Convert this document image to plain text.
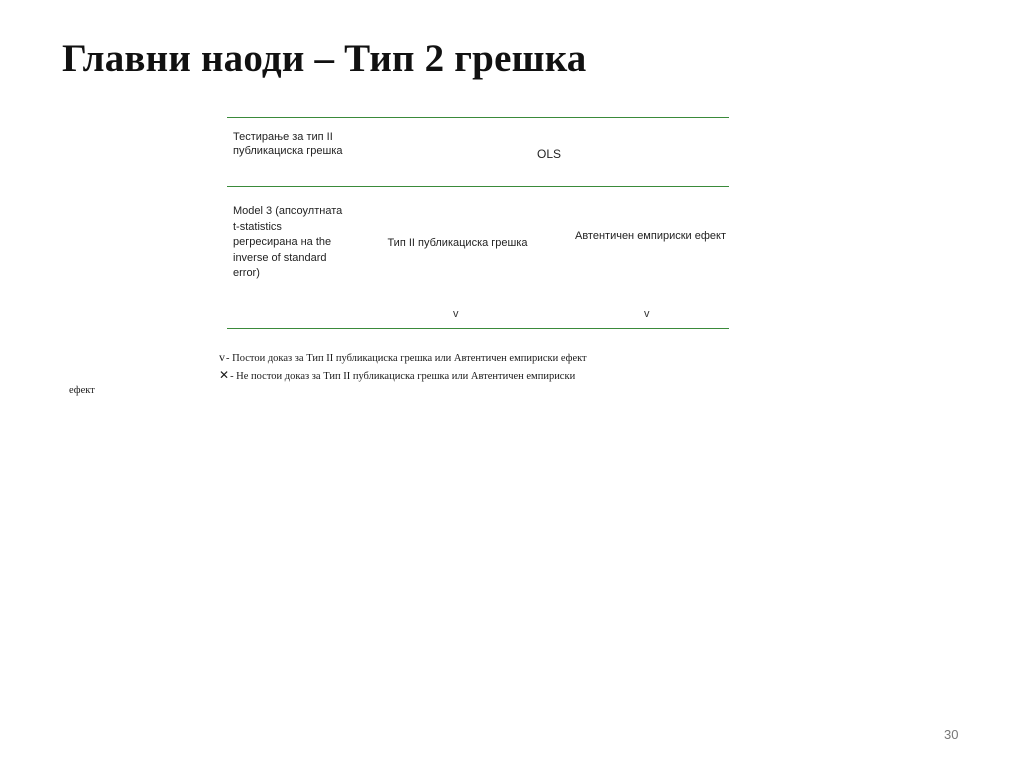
Главни наоди – Тип 2 грешка
Тестирање за тип II публикациска грешка	OLS
Model 3 (апсоултната t-statistics регресирана на the inverse of standard error)
Тип II публикациска грешка
Автентичен емпириски ефект
v	v
v- Постои доказ за Тип II публикациска грешка или Автентичен емпириски ефект
✕- Не постои доказ за Тип II публикациска грешка или Автентичен емпириски
ефект
30
